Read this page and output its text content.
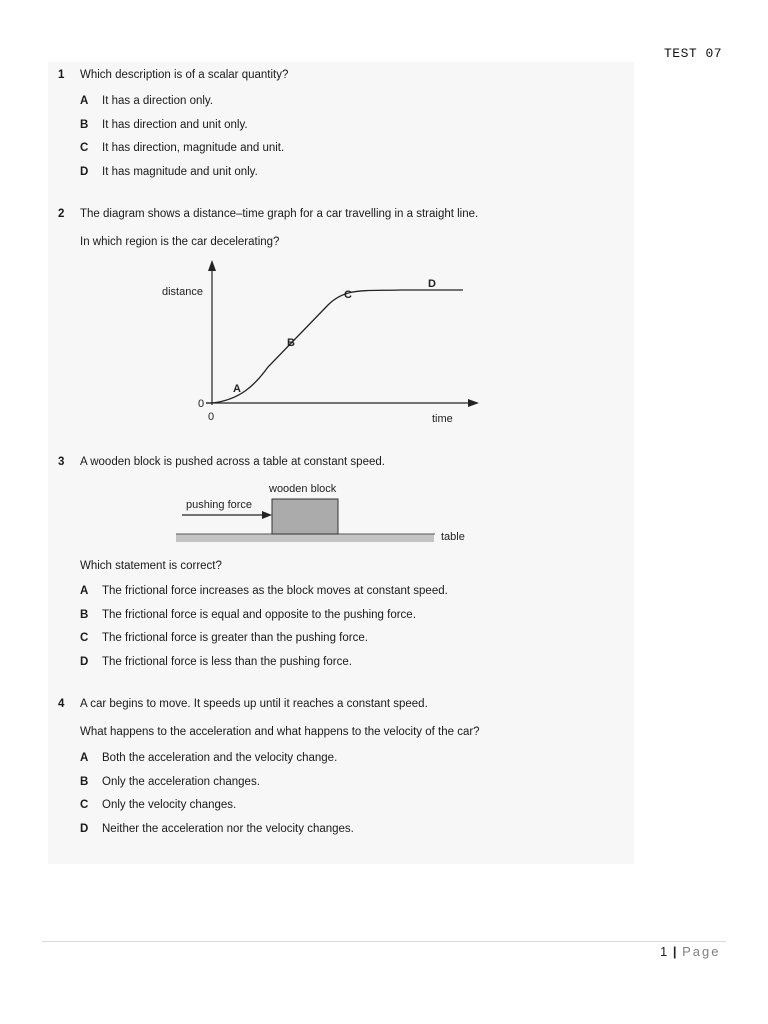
TEST 07
1 Which description is of a scalar quantity?
A It has a direction only.
B It has direction and unit only.
C It has direction, magnitude and unit.
D It has magnitude and unit only.
2 The diagram shows a distance–time graph for a car travelling in a straight line.
In which region is the car decelerating?
distance
time
0
0
A
B
C
D
3 A wooden block is pushed across a table at constant speed.
wooden block
pushing force
table
Which statement is correct?
A The frictional force increases as the block moves at constant speed.
B The frictional force is equal and opposite to the pushing force.
C The frictional force is greater than the pushing force.
D The frictional force is less than the pushing force.
4 A car begins to move. It speeds up until it reaches a constant speed.
What happens to the acceleration and what happens to the velocity of the car?
A Both the acceleration and the velocity change.
B Only the acceleration changes.
C Only the velocity changes.
D Neither the acceleration nor the velocity changes.
1 | Page
